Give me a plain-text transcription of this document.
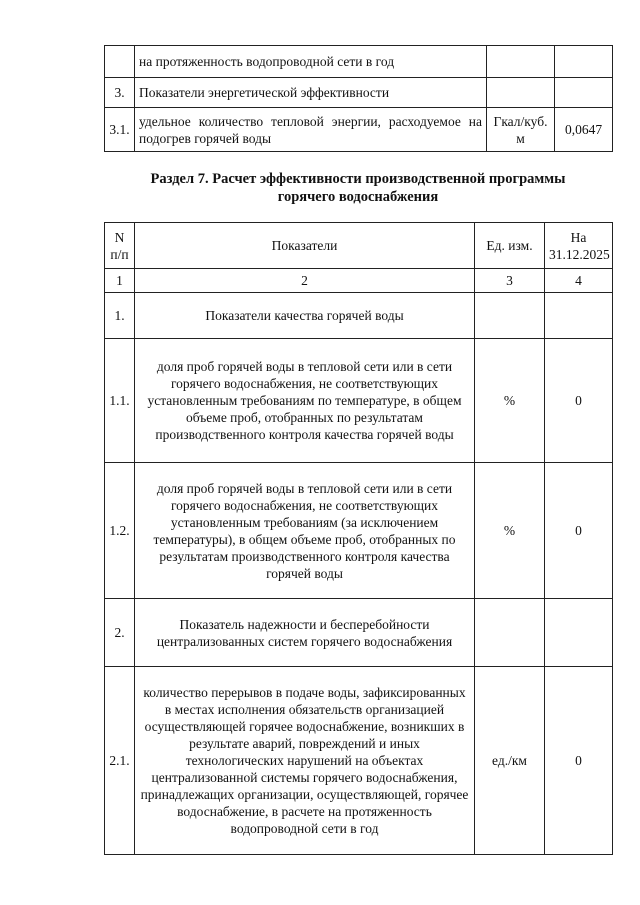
	на протяженность водопроводной сети в год		
3.	Показатели энергетической эффективности		
3.1.	удельное количество тепловой энергии, расходуемое на подогрев горячей воды	Гкал/куб. м	0,0647
Раздел 7. Расчет эффективности производственной программы
горячего водоснабжения
N п/п	Показатели	Ед. изм.	На 31.12.2025
1	2	3	4
1.	Показатели качества горячей воды		
1.1.	доля проб горячей воды в тепловой сети или в сети горячего водоснабжения, не соответствующих установленным требованиям по температуре, в общем объеме проб, отобранных по результатам производственного контроля качества горячей воды	%	0
1.2.	доля проб горячей воды в тепловой сети или в сети горячего водоснабжения, не соответствующих установленным требованиям (за исключением температуры), в общем объеме проб, отобранных по результатам производственного контроля качества горячей воды	%	0
2.	Показатель надежности и бесперебойности централизованных систем горячего водоснабжения		
2.1.	количество перерывов в подаче воды, зафиксированных в местах исполнения обязательств организацией осуществляющей горячее водоснабжение, возникших в результате аварий, повреждений и иных технологических нарушений на объектах централизованной системы горячего водоснабжения, принадлежащих организации, осуществляющей, горячее водоснабжение, в расчете на протяженность водопроводной сети в год	ед./км	0
